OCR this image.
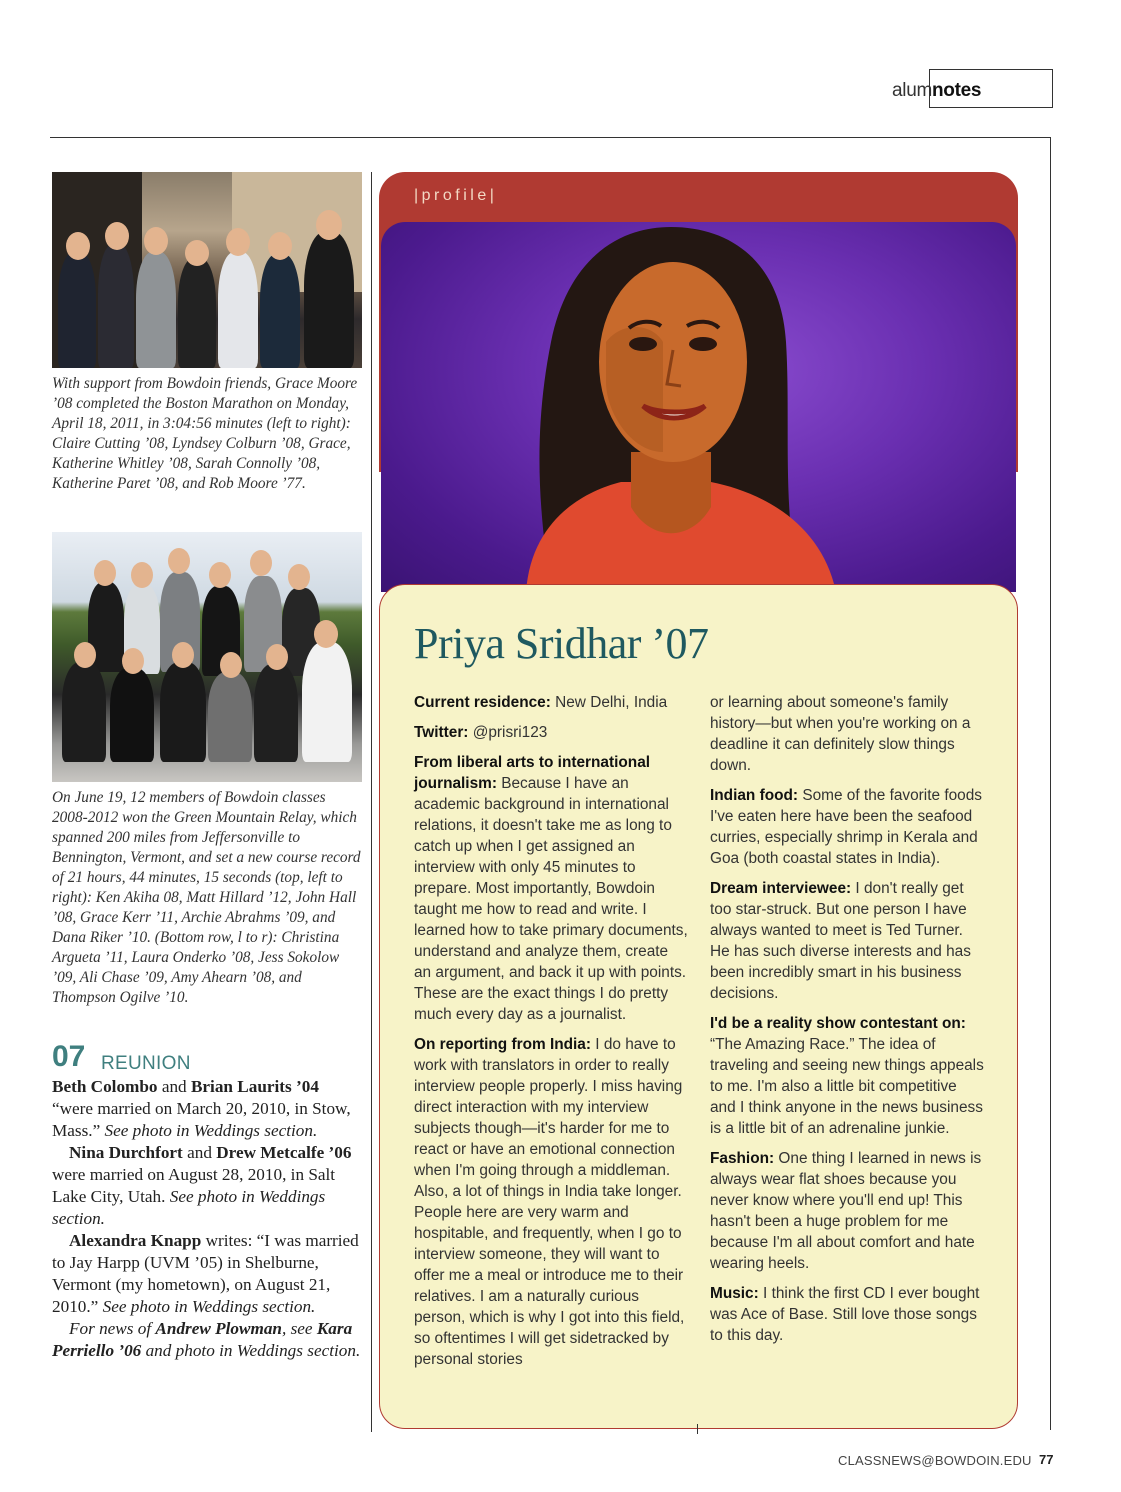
alumnotes
With support from Bowdoin friends, Grace Moore ’08 completed the Boston Marathon on Monday, April 18, 2011, in 3:04:56 minutes (left to right): Claire Cutting ’08, Lyndsey Colburn ’08, Grace, Katherine Whitley ’08, Sarah Connolly ’08, Katherine Paret ’08, and Rob Moore ’77.
On June 19, 12 members of Bowdoin classes 2008-2012 won the Green Mountain Relay, which spanned 200 miles from Jeffersonville to Bennington, Vermont, and set a new course record of 21 hours, 44 minutes, 15 seconds (top, left to right): Ken Akiha 08, Matt Hillard ’12, John Hall ’08, Grace Kerr ’11, Archie Abrahms ’09, and Dana Riker ’10. (Bottom row, l to r): Christina Argueta ’11, Laura Onderko ’08, Jess Sokolow ’09, Ali Chase ’09, Amy Ahearn ’08, and Thompson Ogilve ’10.
07 REUNION

Beth Colombo and Brian Laurits ’04 “were married on March 20, 2010, in Stow, Mass.” See photo in Weddings section.

Nina Durchfort and Drew Metcalfe ’06 were married on August 28, 2010, in Salt Lake City, Utah. See photo in Weddings section.

Alexandra Knapp writes: “I was married to Jay Harpp (UVM ’05) in Shelburne, Vermont (my hometown), on August 21, 2010.” See photo in Weddings section.

For news of Andrew Plowman, see Kara Perriello ’06 and photo in Weddings section.

|profile|
Priya Sridhar ’07

Current residence: New Delhi, India

Twitter: @prisri123

From liberal arts to international journalism: Because I have an academic background in international relations, it doesn't take me as long to catch up when I get assigned an interview with only 45 minutes to prepare. Most importantly, Bowdoin taught me how to read and write. I learned how to take primary documents, understand and analyze them, create an argument, and back it up with points. These are the exact things I do pretty much every day as a journalist.

On reporting from India: I do have to work with translators in order to really interview people properly. I miss having direct interaction with my interview subjects though—it's harder for me to react or have an emotional connection when I'm going through a middleman. Also, a lot of things in India take longer. People here are very warm and hospitable, and frequently, when I go to interview someone, they will want to offer me a meal or introduce me to their relatives. I am a naturally curious person, which is why I got into this field, so oftentimes I will get sidetracked by personal stories

or learning about someone's family history—but when you're working on a deadline it can definitely slow things down.

Indian food: Some of the favorite foods I've eaten here have been the seafood curries, especially shrimp in Kerala and Goa (both coastal states in India).

Dream interviewee: I don't really get too star-struck. But one person I have always wanted to meet is Ted Turner. He has such diverse interests and has been incredibly smart in his business decisions.

I'd be a reality show contestant on: “The Amazing Race.” The idea of traveling and seeing new things appeals to me. I'm also a little bit competitive and I think anyone in the news business is a little bit of an adrenaline junkie.

Fashion: One thing I learned in news is always wear flat shoes because you never know where you'll end up! This hasn't been a huge problem for me because I'm all about comfort and hate wearing heels.

Music: I think the first CD I ever bought was Ace of Base. Still love those songs to this day.

CLASSNEWS@BOWDOIN.EDU 77
